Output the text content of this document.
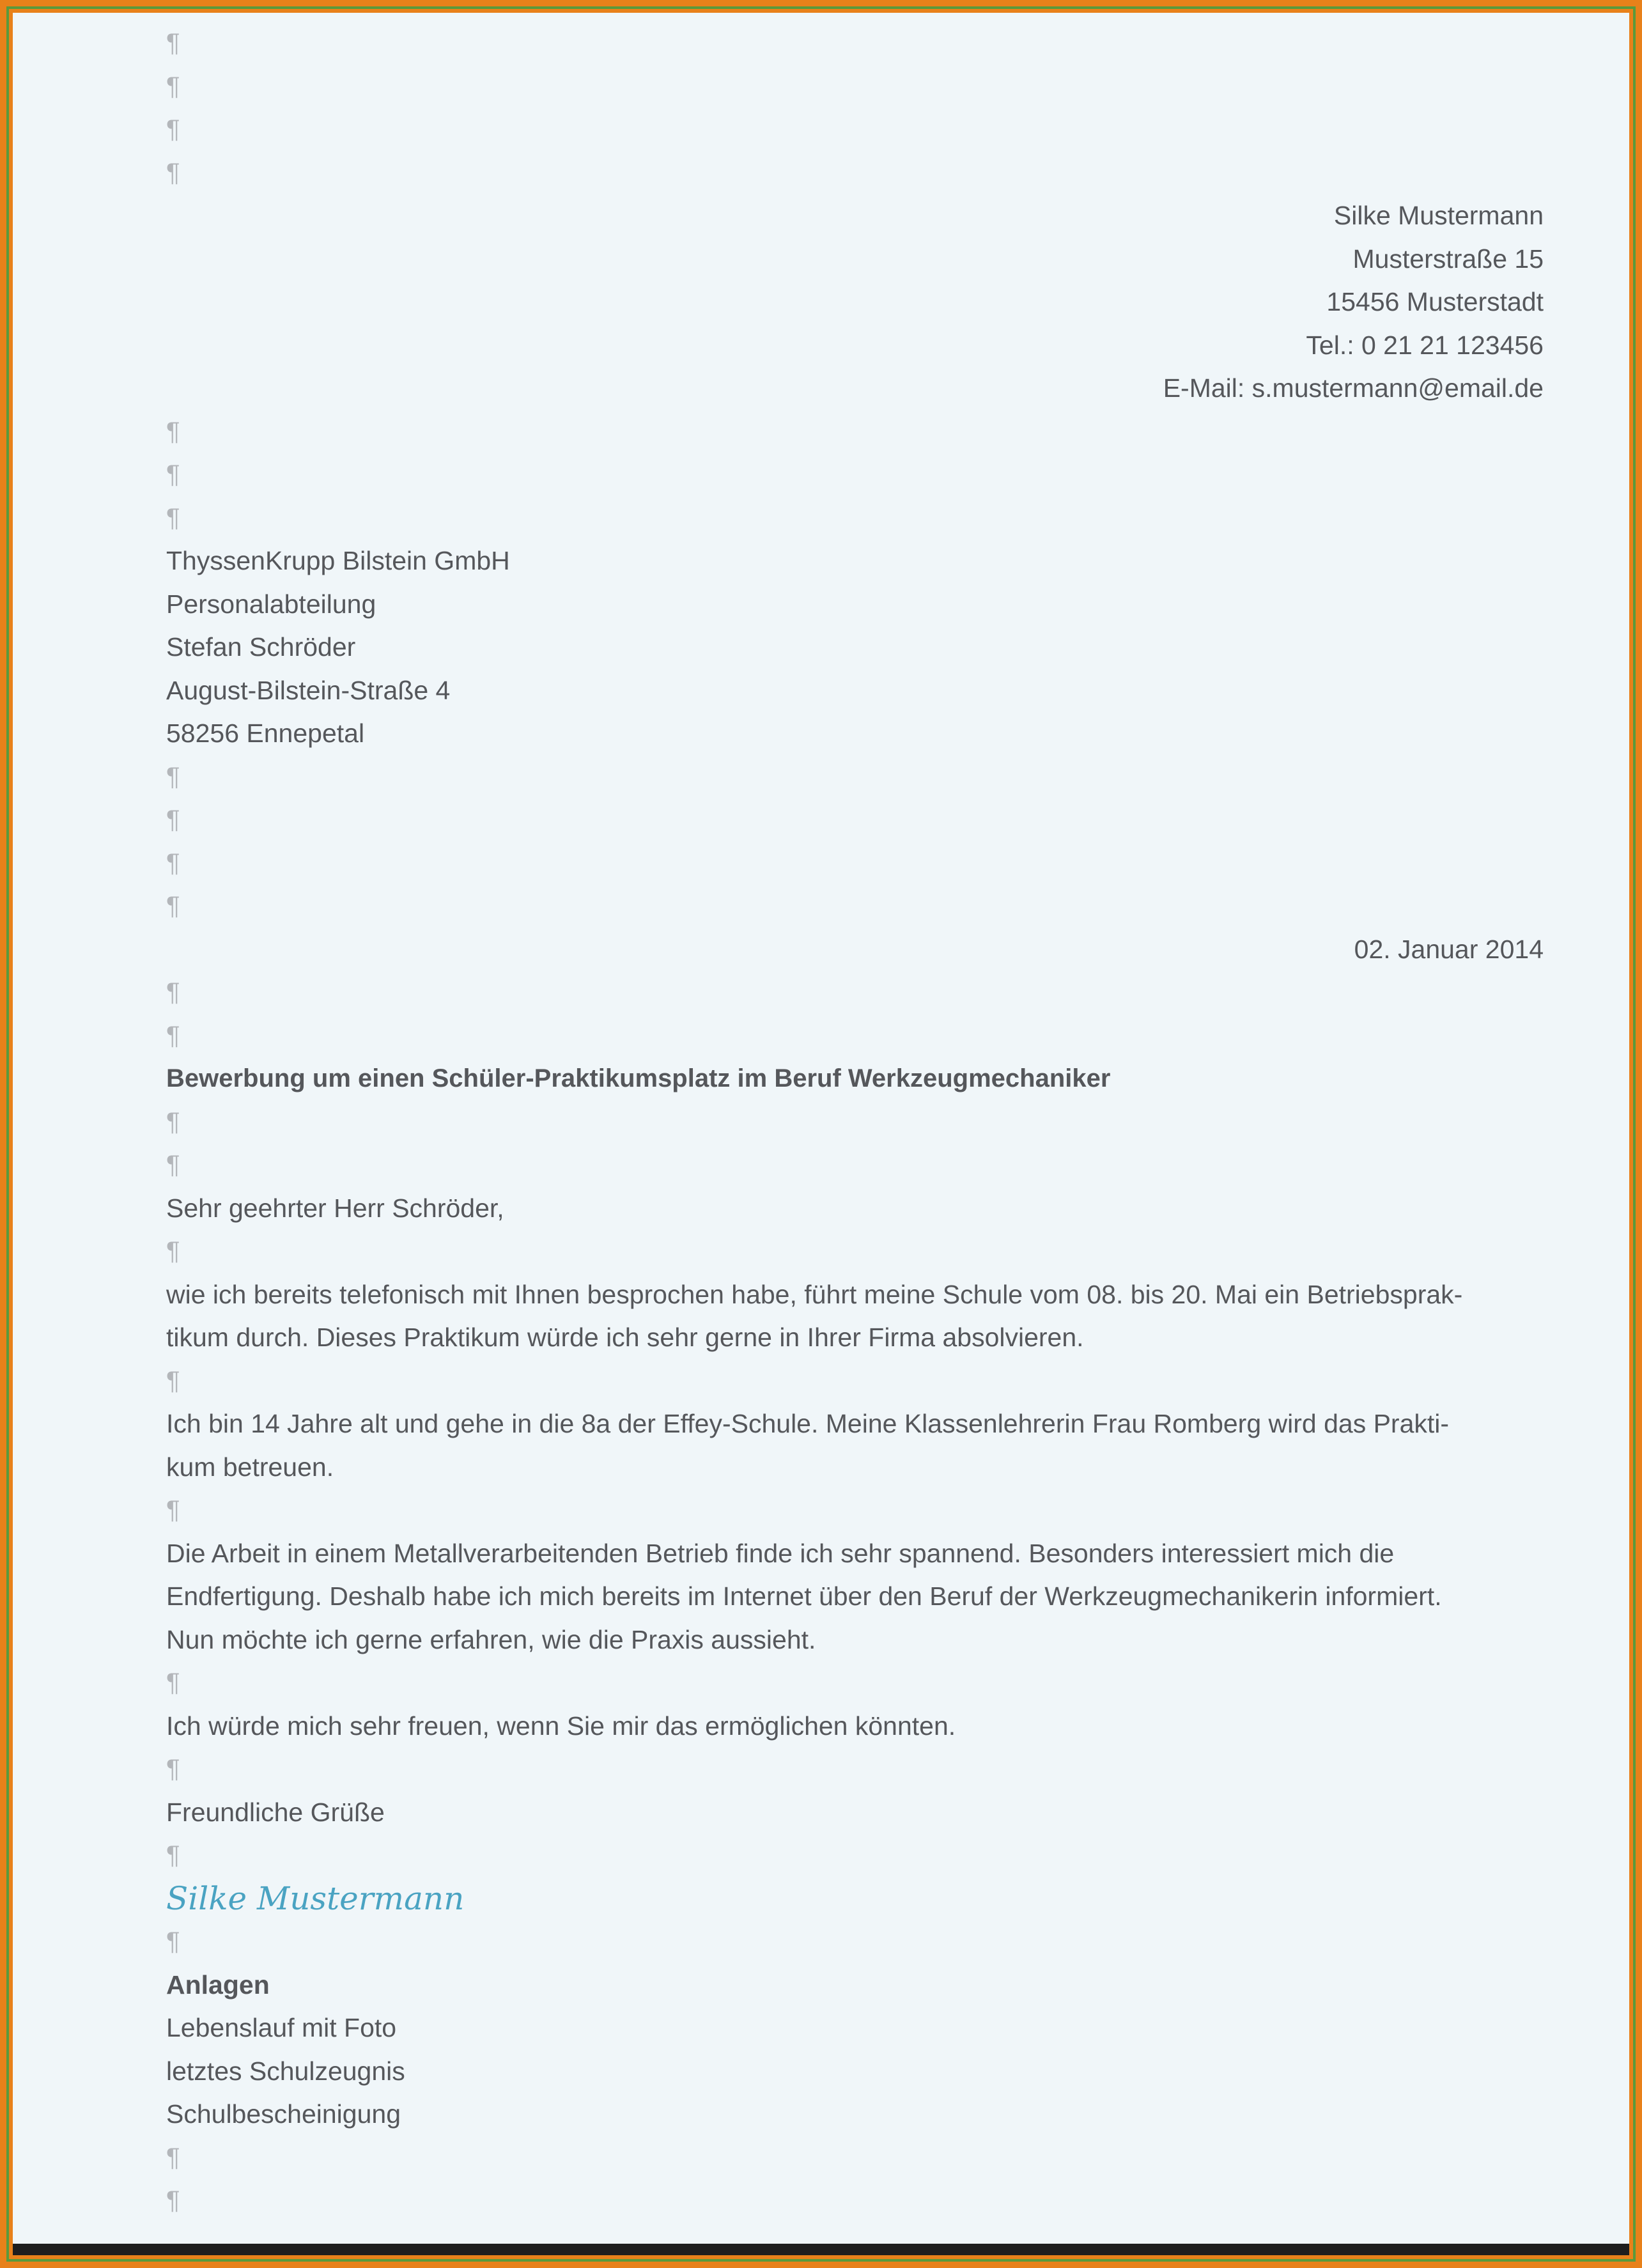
¶
¶
¶
¶
Silke Mustermann
Musterstraße 15
15456 Musterstadt
Tel.: 0 21 21 123456
E-Mail: s.mustermann@email.de
¶
¶
¶
ThyssenKrupp Bilstein GmbH
Personalabteilung
Stefan Schröder
August-Bilstein-Straße 4
58256 Ennepetal
¶
¶
¶
¶
02. Januar 2014
¶
¶
Bewerbung um einen Schüler-Praktikumsplatz im Beruf Werkzeugmechaniker
¶
¶
Sehr geehrter Herr Schröder,
¶
wie ich bereits telefonisch mit Ihnen besprochen habe, führt meine Schule vom 08. bis 20. Mai ein Betriebsprak-
tikum durch. Dieses Praktikum würde ich sehr gerne in Ihrer Firma absolvieren.
¶
Ich bin 14 Jahre alt und gehe in die 8a der Effey-Schule. Meine Klassenlehrerin Frau Romberg wird das Prakti-
kum betreuen.
¶
Die Arbeit in einem Metallverarbeitenden Betrieb finde ich sehr spannend. Besonders interessiert mich die
Endfertigung. Deshalb habe ich mich bereits im Internet über den Beruf der Werkzeugmechanikerin informiert.
Nun möchte ich gerne erfahren, wie die Praxis aussieht.
¶
Ich würde mich sehr freuen, wenn Sie mir das ermöglichen könnten.
¶
Freundliche Grüße
¶
Silke Mustermann
¶
Anlagen
Lebenslauf mit Foto
letztes Schulzeugnis
Schulbescheinigung
¶
¶
